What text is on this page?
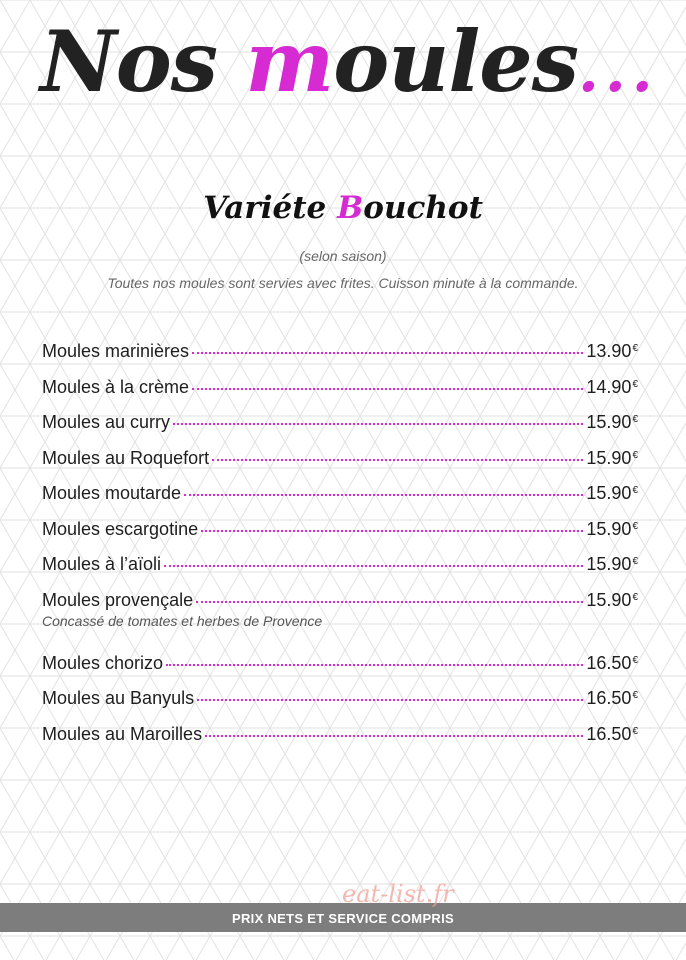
Nos moules...
Variéte Bouchot
(selon saison)
Toutes nos moules sont servies avec frites. Cuisson minute à la commande.
Moules marinières	13.90€
Moules à la crème	14.90€
Moules au curry	15.90€
Moules au Roquefort	15.90€
Moules moutarde	15.90€
Moules escargotine	15.90€
Moules à l’aïoli	15.90€
Moules provençale	15.90€
Concassé de tomates et herbes de Provence
Moules chorizo	16.50€
Moules au Banyuls	16.50€
Moules au Maroilles	16.50€
eat-list.fr
PRIX NETS ET SERVICE COMPRIS
